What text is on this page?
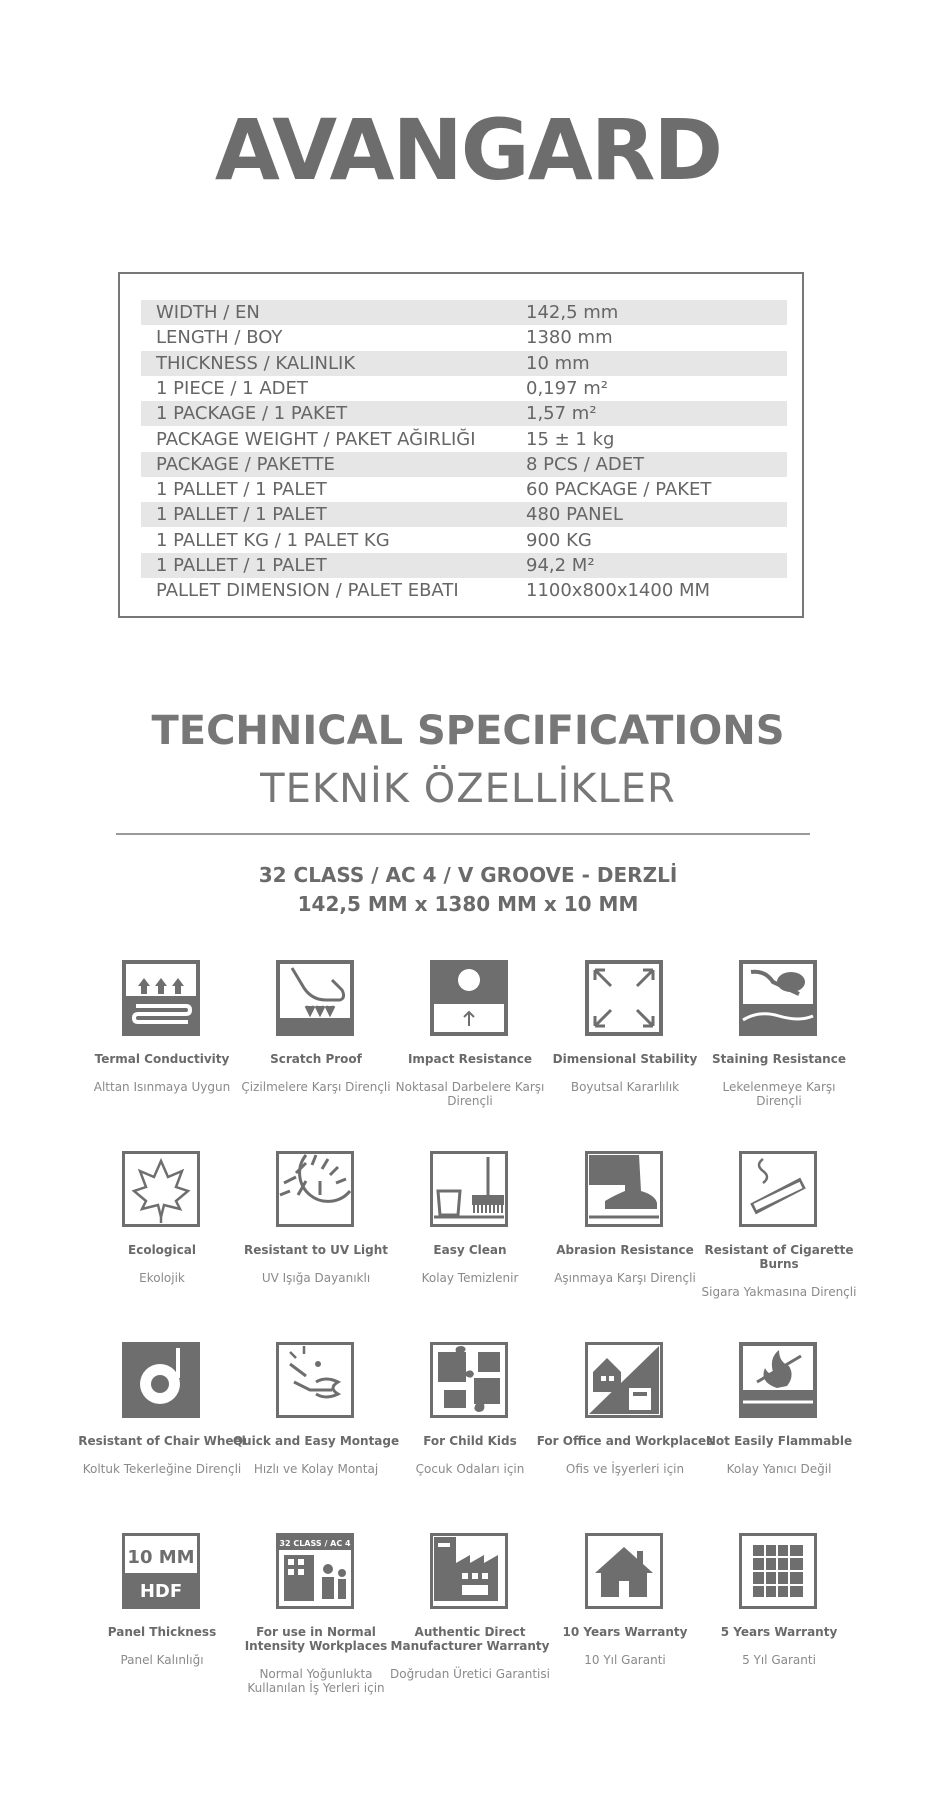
AVANGARD
WIDTH / EN	142,5 mm
LENGTH / BOY	1380 mm
THICKNESS / KALINLIK	10 mm
1 PIECE / 1 ADET	0,197 m²
1 PACKAGE / 1 PAKET	1,57 m²
PACKAGE WEIGHT / PAKET AĞIRLIĞI	15 ± 1 kg
PACKAGE / PAKETTE	8 PCS / ADET
1 PALLET / 1 PALET	60 PACKAGE / PAKET
1 PALLET / 1 PALET	480 PANEL
1 PALLET KG / 1 PALET KG	900 KG
1 PALLET / 1 PALET	94,2 M²
PALLET DIMENSION / PALET EBATI	1100x800x1400 MM
TECHNICAL SPECIFICATIONS
TEKNİK ÖZELLİKLER
32 CLASS / AC 4 / V GROOVE - DERZLİ
142,5 MM x 1380 MM x 10 MM
Termal Conductivity
Alttan Isınmaya Uygun
Scratch Proof
Çizilmelere Karşı Dirençli
Impact Resistance
Noktasal Darbelere Karşı Dirençli
Dimensional Stability
Boyutsal Kararlılık
Staining Resistance
Lekelenmeye Karşı Dirençli
Ecological
Ekolojik
Resistant to UV Light
UV Işığa Dayanıklı
Easy Clean
Kolay Temizlenir
Abrasion Resistance
Aşınmaya Karşı Dirençli
Resistant of Cigarette Burns
Sigara Yakmasına Dirençli
Resistant of Chair Wheel
Koltuk Tekerleğine Dirençli
Quick and Easy Montage
Hızlı ve Kolay Montaj
For Child Kids
Çocuk Odaları için
For Office and Workplaces
Ofis ve İşyerleri için
Not Easily Flammable
Kolay Yanıcı Değil
10 MM
HDF
Panel Thickness
Panel Kalınlığı
32 CLASS / AC 4
For use in Normal Intensity Workplaces
Normal Yoğunlukta Kullanılan İş Yerleri için
Authentic Direct Manufacturer Warranty
Doğrudan Üretici Garantisi
10 Years Warranty
10 Yıl Garanti
5 Years Warranty
5 Yıl Garanti
